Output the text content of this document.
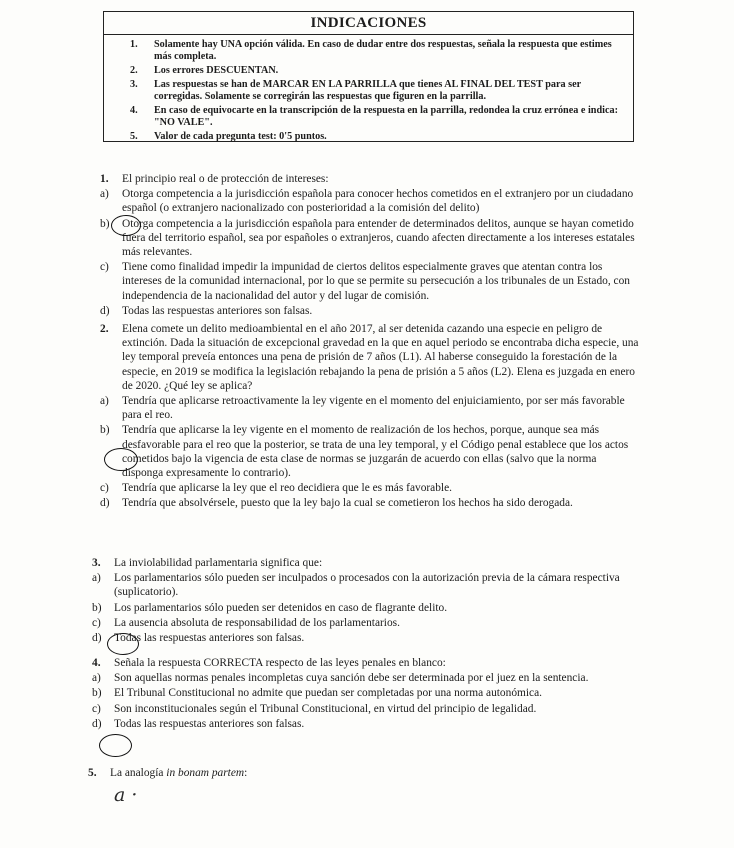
INDICACIONES
1. Solamente hay UNA opción válida. En caso de dudar entre dos respuestas, señala la respuesta que estimes más completa.
2. Los errores DESCUENTAN.
3. Las respuestas se han de MARCAR EN LA PARRILLA que tienes AL FINAL DEL TEST para ser corregidas. Solamente se corregirán las respuestas que figuren en la parrilla.
4. En caso de equivocarte en la transcripción de la respuesta en la parrilla, redondea la cruz errónea e indica: "NO VALE".
5. Valor de cada pregunta test: 0'5 puntos.
1. El principio real o de protección de intereses:
a) Otorga competencia a la jurisdicción española para conocer hechos cometidos en el extranjero por un ciudadano español (o extranjero nacionalizado con posterioridad a la comisión del delito)
b) Otorga competencia a la jurisdicción española para entender de determinados delitos, aunque se hayan cometido fuera del territorio español, sea por españoles o extranjeros, cuando afecten directamente a los intereses estatales más relevantes.
c) Tiene como finalidad impedir la impunidad de ciertos delitos especialmente graves que atentan contra los intereses de la comunidad internacional, por lo que se permite su persecución a los tribunales de un Estado, con independencia de la nacionalidad del autor y del lugar de comisión.
d) Todas las respuestas anteriores son falsas.
2. Elena comete un delito medioambiental en el año 2017, al ser detenida cazando una especie en peligro de extinción. Dada la situación de excepcional gravedad en la que en aquel periodo se encontraba dicha especie, una ley temporal preveía entonces una pena de prisión de 7 años (L1). Al haberse conseguido la forestación de la especie, en 2019 se modifica la legislación rebajando la pena de prisión a 5 años (L2). Elena es juzgada en enero de 2020. ¿Qué ley se aplica?
a) Tendría que aplicarse retroactivamente la ley vigente en el momento del enjuiciamiento, por ser más favorable para el reo.
b) Tendría que aplicarse la ley vigente en el momento de realización de los hechos, porque, aunque sea más desfavorable para el reo que la posterior, se trata de una ley temporal, y el Código penal establece que los actos cometidos bajo la vigencia de esta clase de normas se juzgarán de acuerdo con ellas (salvo que la norma disponga expresamente lo contrario).
c) Tendría que aplicarse la ley que el reo decidiera que le es más favorable.
d) Tendría que absolvérsele, puesto que la ley bajo la cual se cometieron los hechos ha sido derogada.
3. La inviolabilidad parlamentaria significa que:
a) Los parlamentarios sólo pueden ser inculpados o procesados con la autorización previa de la cámara respectiva (suplicatorio).
b) Los parlamentarios sólo pueden ser detenidos en caso de flagrante delito.
c) La ausencia absoluta de responsabilidad de los parlamentarios.
d) Todas las respuestas anteriores son falsas.
4. Señala la respuesta CORRECTA respecto de las leyes penales en blanco:
a) Son aquellas normas penales incompletas cuya sanción debe ser determinada por el juez en la sentencia.
b) El Tribunal Constitucional no admite que puedan ser completadas por una norma autonómica.
c) Son inconstitucionales según el Tribunal Constitucional, en virtud del principio de legalidad.
d) Todas las respuestas anteriores son falsas.
5. La analogía in bonam partem:
a ·
